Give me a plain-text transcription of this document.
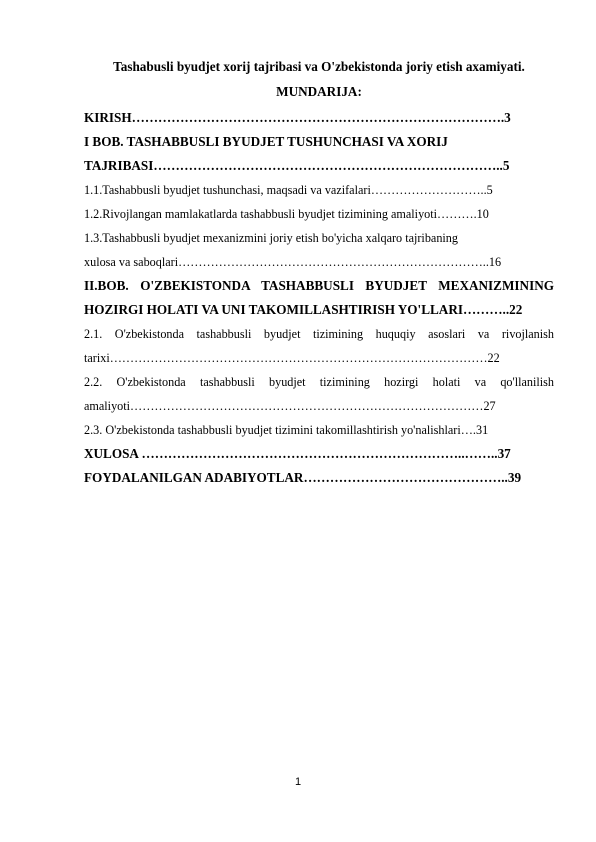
Tashabusli byudjet xorij tajribasi va O'zbekistonda joriy etish axamiyati.
MUNDARIJA:
KIRISH………………………………………………………………………….3
I BOB. TASHABBUSLI BYUDJET TUSHUNCHASI VA XORIJ
TAJRIBASI……………………………………………………………………..5
1.1.Tashabbusli byudjet tushunchasi, maqsadi va vazifalari………………………..5
1.2.Rivojlangan mamlakatlarda tashabbusli byudjet tizimining amaliyoti……….10
1.3.Tashabbusli byudjet mexanizmini joriy etish bo'yicha xalqaro tajribaning
xulosa va saboqlari…………………………………………………………………..16
II.BOB. O'ZBEKISTONDA TASHABBUSLI BYUDJET MEXANIZMINING
HOZIRGI HOLATI VA UNI TAKOMILLASHTIRISH YO'LLARI………..22
2.1. O'zbekistonda tashabbusli byudjet tizimining huquqiy asoslari va rivojlanish
tarixi…………………………………………………………………………………22
2.2. O'zbekistonda tashabbusli byudjet tizimining hozirgi holati va qo'llanilish
amaliyoti……………………………………………………………………………27
2.3. O'zbekistonda tashabbusli byudjet tizimini takomillashtirish yo'nalishlari….31
XULOSA ………………………………………………………………..……..37
FOYDALANILGAN ADABIYOTLAR………………………………………..39
1
